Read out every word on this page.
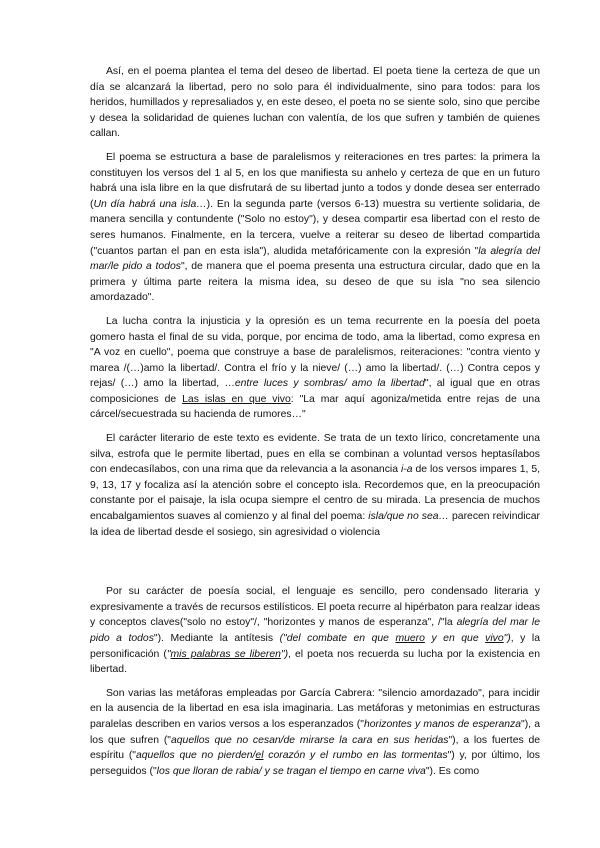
Así, en el poema plantea el tema del deseo de libertad. El poeta tiene la certeza de que un día se alcanzará la libertad, pero no solo para él individualmente, sino para todos: para los heridos, humillados y represaliados y, en este deseo, el poeta no se siente solo, sino que percibe y desea la solidaridad de quienes luchan con valentía, de los que sufren y también de quienes callan.

El poema se estructura a base de paralelismos y reiteraciones en tres partes: la primera la constituyen los versos del 1 al 5, en los que manifiesta su anhelo y certeza de que en un futuro habrá una isla libre en la que disfrutará de su libertad junto a todos y donde desea ser enterrado (Un día habrá una isla…). En la segunda parte (versos 6-13) muestra su vertiente solidaria, de manera sencilla y contundente ("Solo no estoy"), y desea compartir esa libertad con el resto de seres humanos. Finalmente, en la tercera, vuelve a reiterar su deseo de libertad compartida ("cuantos partan el pan en esta isla"), aludida metafóricamente con la expresión "la alegría del mar/le pido a todos", de manera que el poema presenta una estructura circular, dado que en la primera y última parte reitera la misma idea, su deseo de que su isla "no sea silencio amordazado".

La lucha contra la injusticia y la opresión es un tema recurrente en la poesía del poeta gomero hasta el final de su vida, porque, por encima de todo, ama la libertad, como expresa en "A voz en cuello", poema que construye a base de paralelismos, reiteraciones: "contra viento y marea /(…)amo la libertad/. Contra el frío y la nieve/ (…) amo la libertad/. (…) Contra cepos y rejas/ (…) amo la libertad, …entre luces y sombras/ amo la libertad", al igual que en otras composiciones de Las islas en que vivo: "La mar aquí agoniza/metida entre rejas de una cárcel/secuestrada su hacienda de rumores…"

El carácter literario de este texto es evidente. Se trata de un texto lírico, concretamente una silva, estrofa que le permite libertad, pues en ella se combinan a voluntad versos heptasílabos con endecasílabos, con una rima que da relevancia a la asonancia i-a de los versos impares 1, 5, 9, 13, 17 y focaliza así la atención sobre el concepto isla. Recordemos que, en la preocupación constante por el paisaje, la isla ocupa siempre el centro de su mirada. La presencia de muchos encabalgamientos suaves al comienzo y al final del poema: isla/que no sea… parecen reivindicar la idea de libertad desde el sosiego, sin agresividad o violencia

Por su carácter de poesía social, el lenguaje es sencillo, pero condensado literaria y expresivamente a través de recursos estilísticos. El poeta recurre al hipérbaton para realzar ideas y conceptos claves("solo no estoy"/, "horizontes y manos de esperanza", /"la alegría del mar le pido a todos"). Mediante la antítesis ("del combate en que muero y en que vivo"), y la personificación ("mis palabras se liberen"), el poeta nos recuerda su lucha por la existencia en libertad.

Son varias las metáforas empleadas por García Cabrera: "silencio amordazado", para incidir en la ausencia de la libertad en esa isla imaginaria. Las metáforas y metonimias en estructuras paralelas describen en varios versos a los esperanzados ("horizontes y manos de esperanza"), a los que sufren ("aquellos que no cesan/de mirarse la cara en sus heridas"), a los fuertes de espíritu ("aquellos que no pierden/el corazón y el rumbo en las tormentas") y, por último, los perseguidos ("los que lloran de rabia/ y se tragan el tiempo en carne viva"). Es como
